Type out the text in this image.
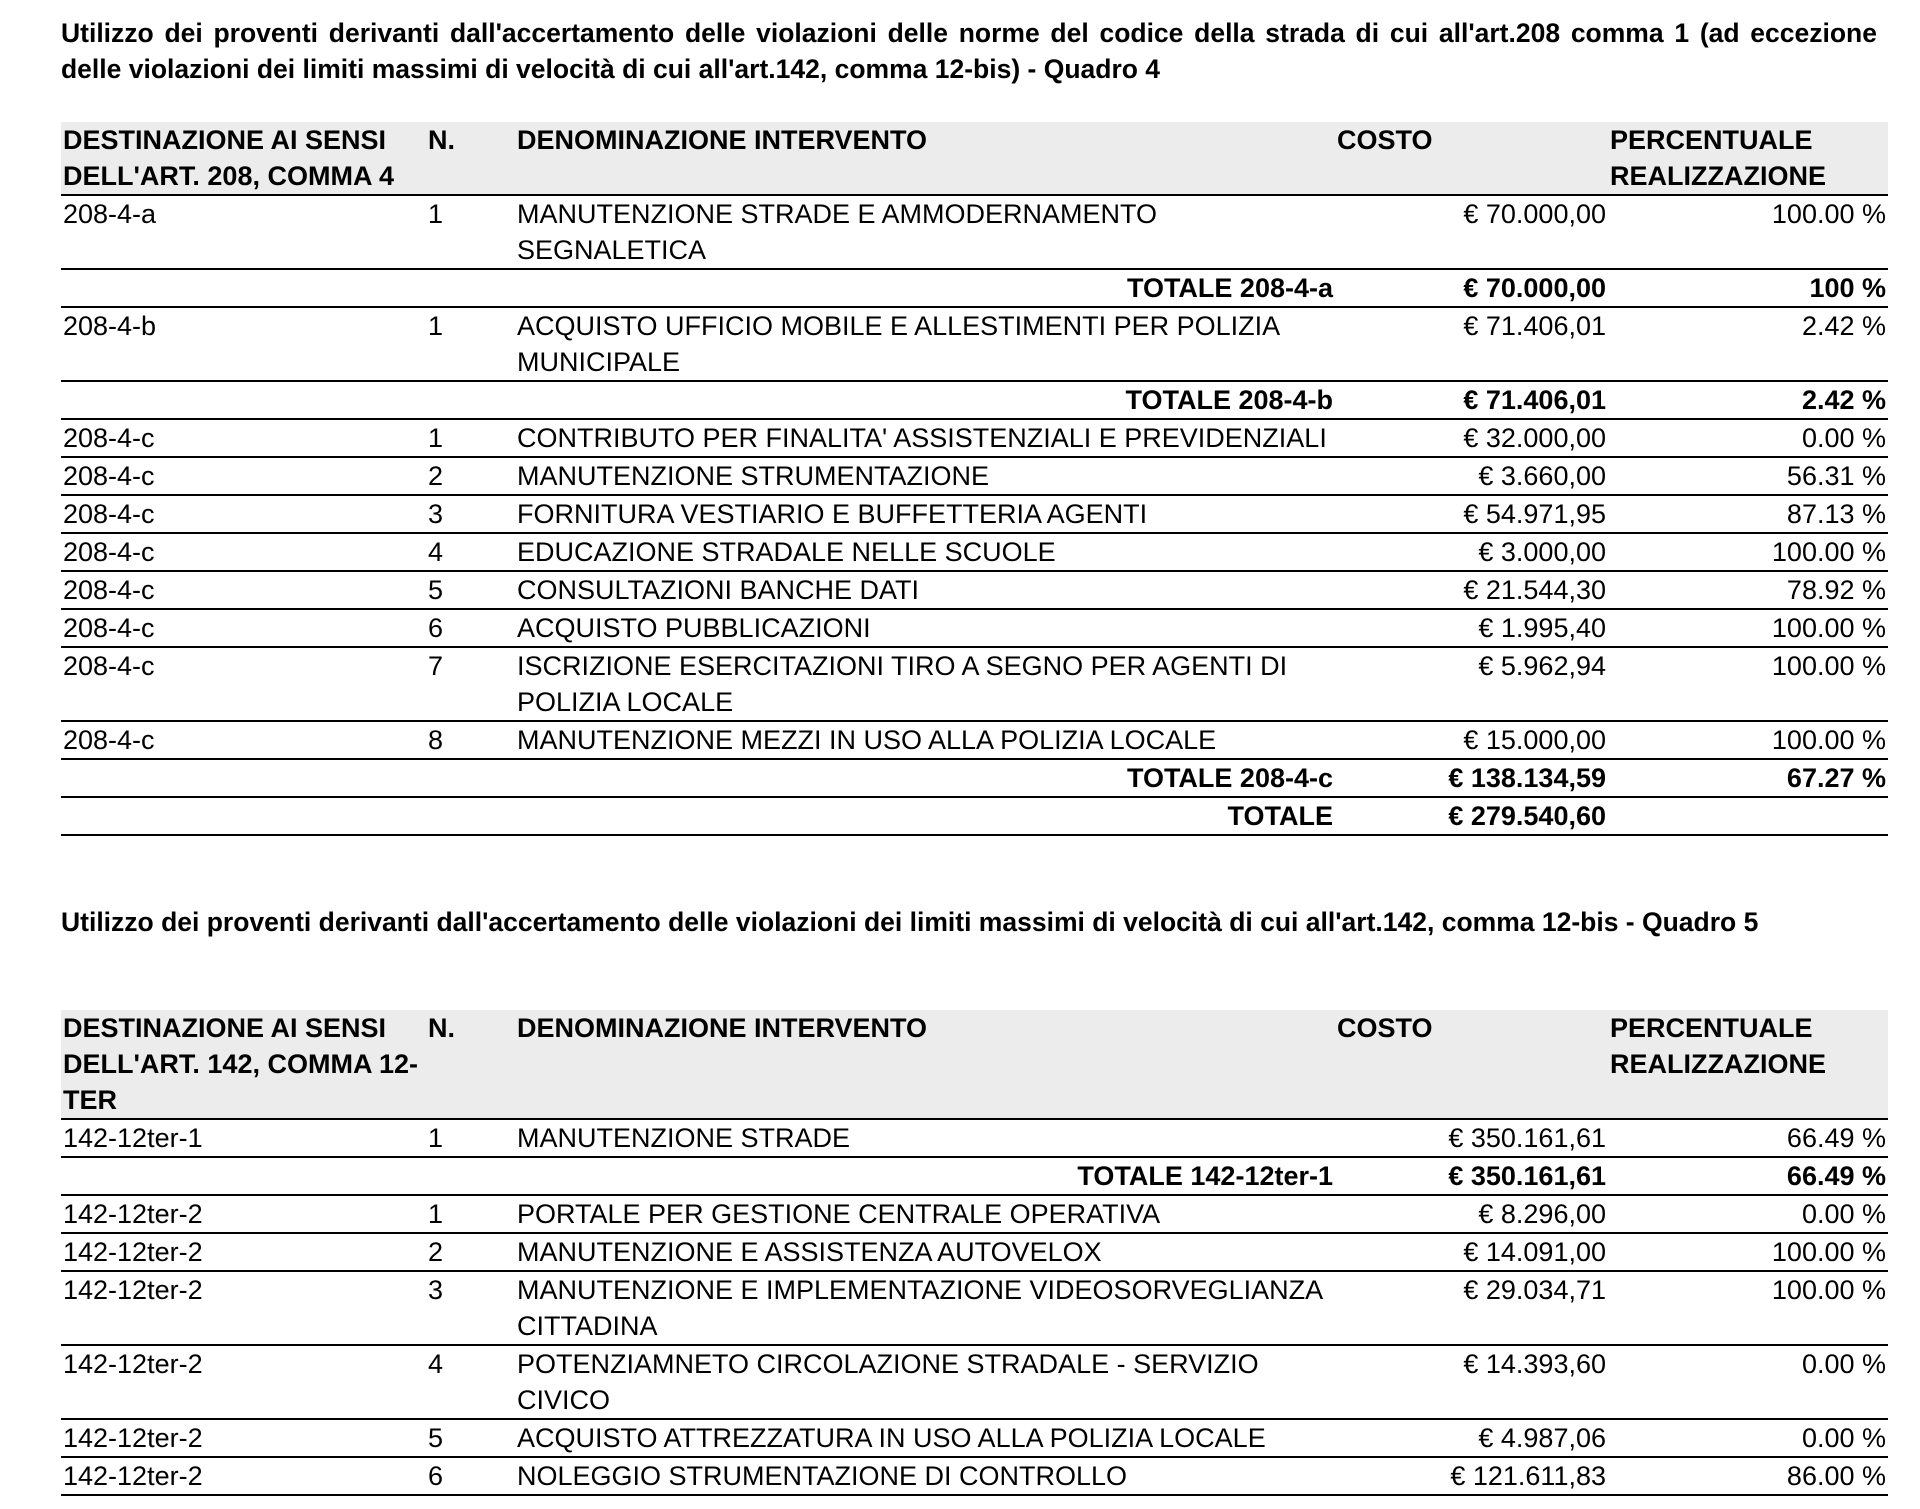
Utilizzo dei proventi derivanti dall'accertamento delle violazioni delle norme del codice della strada di cui all'art.208 comma 1 (ad eccezione delle violazioni dei limiti massimi di velocità di cui all'art.142, comma 12-bis) - Quadro 4
DESTINAZIONE AI SENSI DELL'ART. 208, COMMA 4	N.	DENOMINAZIONE INTERVENTO	COSTO	PERCENTUALE REALIZZAZIONE
208-4-a	1	MANUTENZIONE STRADE E AMMODERNAMENTO SEGNALETICA	€ 70.000,00	100.00 %
TOTALE 208-4-a			€ 70.000,00	100 %
208-4-b	1	ACQUISTO UFFICIO MOBILE E ALLESTIMENTI PER POLIZIA MUNICIPALE	€ 71.406,01	2.42 %
TOTALE 208-4-b			€ 71.406,01	2.42 %
208-4-c	1	CONTRIBUTO PER FINALITA' ASSISTENZIALI E PREVIDENZIALI	€ 32.000,00	0.00 %
208-4-c	2	MANUTENZIONE STRUMENTAZIONE	€ 3.660,00	56.31 %
208-4-c	3	FORNITURA VESTIARIO E BUFFETTERIA AGENTI	€ 54.971,95	87.13 %
208-4-c	4	EDUCAZIONE STRADALE NELLE SCUOLE	€ 3.000,00	100.00 %
208-4-c	5	CONSULTAZIONI BANCHE DATI	€ 21.544,30	78.92 %
208-4-c	6	ACQUISTO PUBBLICAZIONI	€ 1.995,40	100.00 %
208-4-c	7	ISCRIZIONE ESERCITAZIONI TIRO A SEGNO PER AGENTI DI POLIZIA LOCALE	€ 5.962,94	100.00 %
208-4-c	8	MANUTENZIONE MEZZI IN USO ALLA POLIZIA LOCALE	€ 15.000,00	100.00 %
TOTALE 208-4-c			€ 138.134,59	67.27 %
TOTALE			€ 279.540,60	
Utilizzo dei proventi derivanti dall'accertamento delle violazioni dei limiti massimi di velocità di cui all'art.142, comma 12-bis - Quadro 5
DESTINAZIONE AI SENSI DELL'ART. 142, COMMA 12-TER	N.	DENOMINAZIONE INTERVENTO	COSTO	PERCENTUALE REALIZZAZIONE
142-12ter-1	1	MANUTENZIONE STRADE	€ 350.161,61	66.49 %
TOTALE 142-12ter-1			€ 350.161,61	66.49 %
142-12ter-2	1	PORTALE PER GESTIONE CENTRALE OPERATIVA	€ 8.296,00	0.00 %
142-12ter-2	2	MANUTENZIONE E ASSISTENZA AUTOVELOX	€ 14.091,00	100.00 %
142-12ter-2	3	MANUTENZIONE E IMPLEMENTAZIONE VIDEOSORVEGLIANZA CITTADINA	€ 29.034,71	100.00 %
142-12ter-2	4	POTENZIAMNETO CIRCOLAZIONE STRADALE - SERVIZIO CIVICO	€ 14.393,60	0.00 %
142-12ter-2	5	ACQUISTO ATTREZZATURA IN USO ALLA POLIZIA LOCALE	€ 4.987,06	0.00 %
142-12ter-2	6	NOLEGGIO STRUMENTAZIONE DI CONTROLLO	€ 121.611,83	86.00 %
